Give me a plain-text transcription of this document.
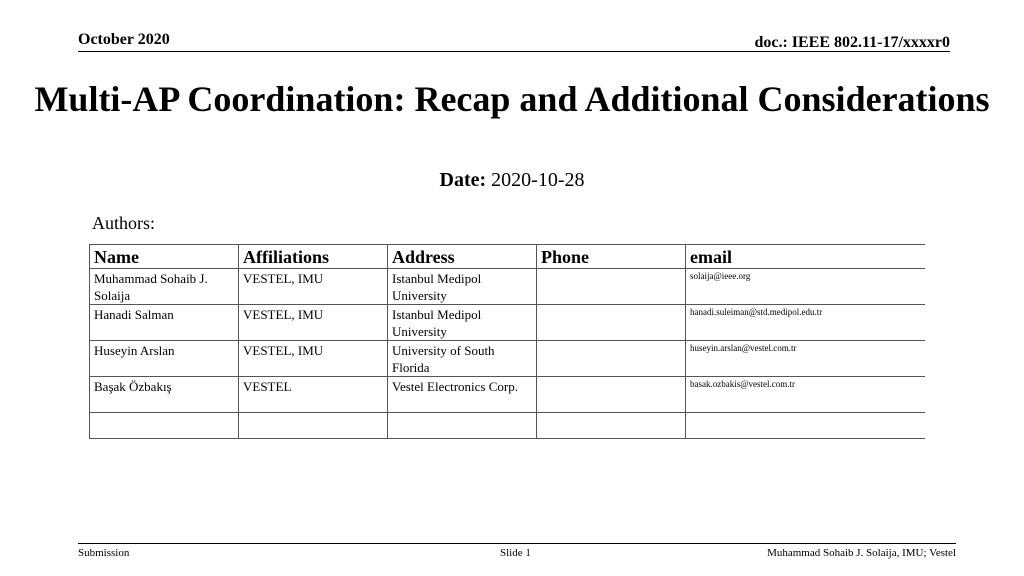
October 2020	doc.: IEEE 802.11-17/xxxxr0
Multi-AP Coordination: Recap and Additional Considerations
Date: 2020-10-28
Authors:
Name	Affiliations	Address	Phone	email
Muhammad Sohaib J. Solaija	VESTEL, IMU	Istanbul Medipol University		solaija@ieee.org
Hanadi Salman	VESTEL, IMU	Istanbul Medipol University		hanadi.suleiman@std.medipol.edu.tr
Huseyin Arslan	VESTEL, IMU	University of South Florida		huseyin.arslan@vestel.com.tr
Başak Özbakış	VESTEL	Vestel Electronics Corp.		basak.ozbakis@vestel.com.tr

Submission	Slide 1	Muhammad Sohaib J. Solaija, IMU; Vestel
